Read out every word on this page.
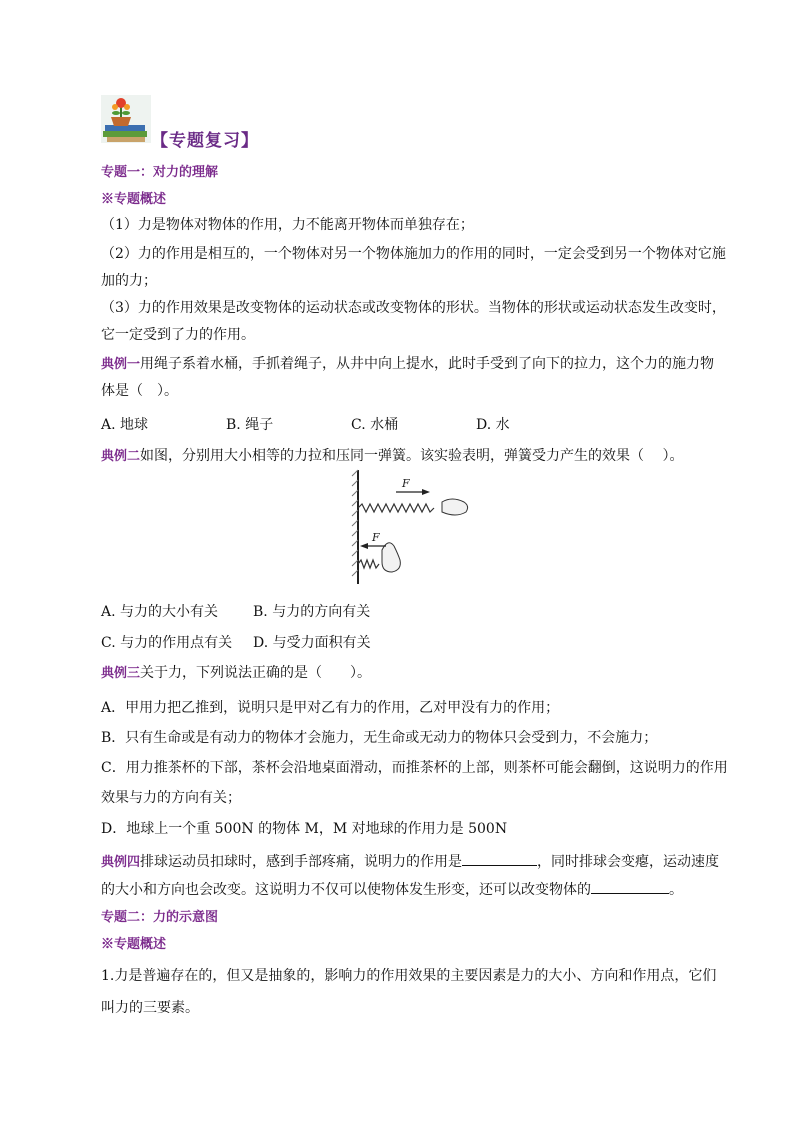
【专题复习】
专题一：对力的理解
※专题概述
（1）力是物体对物体的作用，力不能离开物体而单独存在；
（2）力的作用是相互的，一个物体对另一个物体施加力的作用的同时，一定会受到另一个物体对它施
加的力；
（3）力的作用效果是改变物体的运动状态或改变物体的形状。当物体的形状或运动状态发生改变时，
它一定受到了力的作用。
典例一用绳子系着水桶，手抓着绳子，从井中向上提水，此时手受到了向下的拉力，这个力的施力物
体是（　）。
A. 地球	B. 绳子	C. 水桶	D. 水
典例二如图，分别用大小相等的力拉和压同一弹簧。该实验表明，弹簧受力产生的效果（　 ）。
F
F
A. 与力的大小有关 B. 与力的方向有关
C. 与力的作用点有关 D. 与受力面积有关
典例三关于力，下列说法正确的是（　　）。
A．甲用力把乙推到，说明只是甲对乙有力的作用，乙对甲没有力的作用；
B．只有生命或是有动力的物体才会施力，无生命或无动力的物体只会受到力，不会施力；
C．用力推茶杯的下部，茶杯会沿地桌面滑动，而推茶杯的上部，则茶杯可能会翻倒，这说明力的作用
效果与力的方向有关；
D．地球上一个重 500N 的物体 M，M 对地球的作用力是 500N
典例四排球运动员扣球时，感到手部疼痛，说明力的作用是	，同时排球会变瘪，运动速度
的大小和方向也会改变。这说明力不仅可以使物体发生形变，还可以改变物体的	。
专题二：力的示意图
※专题概述
1.力是普遍存在的，但又是抽象的，影响力的作用效果的主要因素是力的大小、方向和作用点，它们
叫力的三要素。
